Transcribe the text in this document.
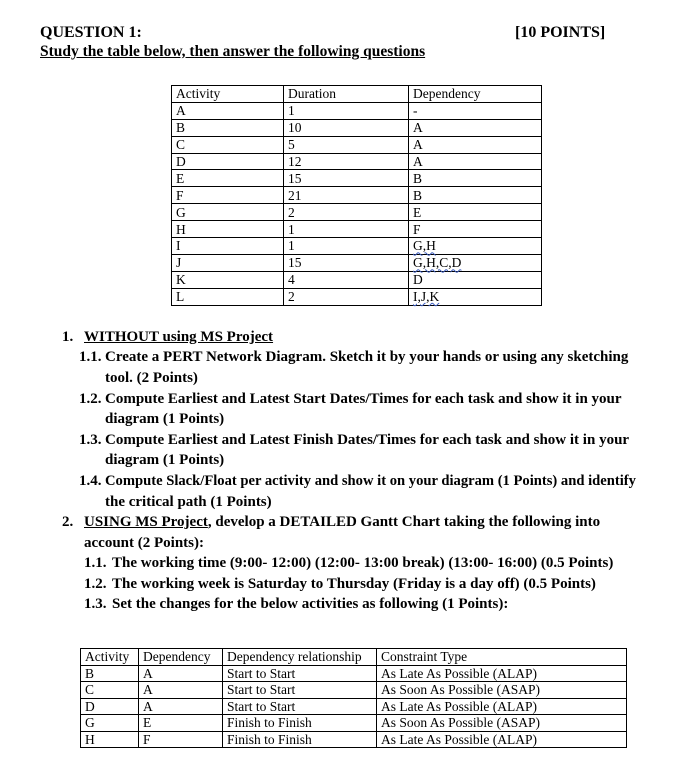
QUESTION 1:	[10 POINTS]
Study the table below, then answer the following questions
Activity	Duration	Dependency
A	1	-
B	10	A
C	5	A
D	12	A
E	15	B
F	21	B
G	2	E
H	1	F
I	1	G,H
J	15	G,H,C,D
K	4	D
L	2	I,J,K
1. WITHOUT using MS Project
1.1. Create a PERT Network Diagram. Sketch it by your hands or using any sketching
tool. (2 Points)
1.2. Compute Earliest and Latest Start Dates/Times for each task and show it in your
diagram (1 Points)
1.3. Compute Earliest and Latest Finish Dates/Times for each task and show it in your
diagram (1 Points)
1.4. Compute Slack/Float per activity and show it on your diagram (1 Points) and identify
the critical path (1 Points)
2. USING MS Project, develop a DETAILED Gantt Chart taking the following into
account (2 Points):
1.1. The working time (9:00- 12:00) (12:00- 13:00 break) (13:00- 16:00) (0.5 Points)
1.2. The working week is Saturday to Thursday (Friday is a day off) (0.5 Points)
1.3. Set the changes for the below activities as following (1 Points):
Activity	Dependency	Dependency relationship	Constraint Type
B	A	Start to Start	As Late As Possible (ALAP)
C	A	Start to Start	As Soon As Possible (ASAP)
D	A	Start to Start	As Late As Possible (ALAP)
G	E	Finish to Finish	As Soon As Possible (ASAP)
H	F	Finish to Finish	As Late As Possible (ALAP)
